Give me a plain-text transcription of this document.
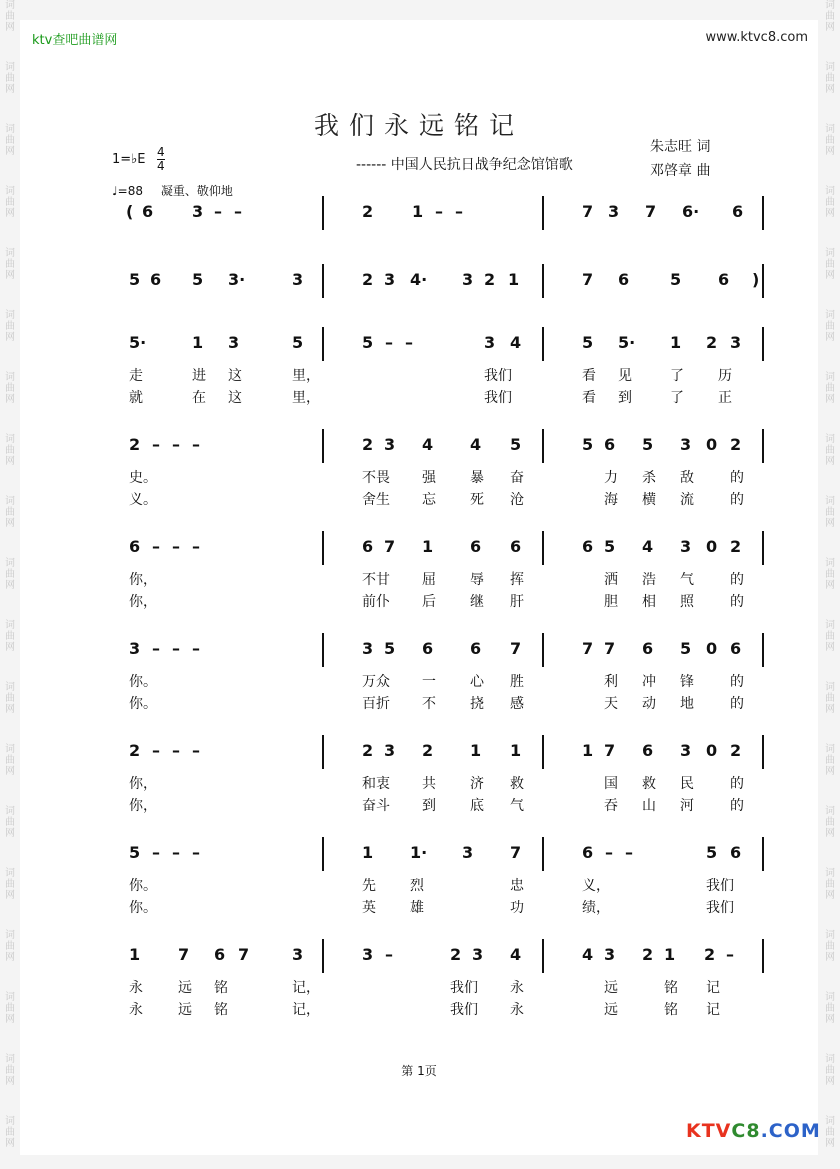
词
曲
网
词
曲
网
词
曲
网
词
曲
网
词
曲
网
词
曲
网
词
曲
网
词
曲
网
词
曲
网
词
曲
网
词
曲
网
词
曲
网
词
曲
网
词
曲
网
词
曲
网
词
曲
网
词
曲
网
词
曲
网
词
曲
网
词
曲
网
词
曲
网
词
曲
网
词
曲
网
词
曲
网
词
曲
网
词
曲
网
词
曲
网
词
曲
网
词
曲
网
词
曲
网
词
曲
网
词
曲
网
词
曲
网
词
曲
网
词
曲
网
词
曲
网
词
曲
网
词
曲
网
ktv查吧曲谱网	www.ktvc8.com
我们永远铭记
------ 中国人民抗日战争纪念馆馆歌
朱志旺 词
邓啓章 曲
1=♭E 4
4
♩=88 凝重、敬仰地
( 6 3 – –	2 1 – –	7 3 7 6· 6
5 6 5 3·	3	2 3 4· 3 2 1	7 6	5 6 )
5·	1 3	5	5 – –	3 4	5 5· 1 2 3
走	进 这	里，	我们	看 见	了 历
就	在 这	里，	我们	看 到	了 正
2 – – –	2 3 4 4 5	5 6 5 3 0 2
史。	不畏 强 暴 奋	力 杀 敌	的
义。	舍生 忘 死 沧	海 横 流	的
6 – – –	6 7 1 6 6	6 5 4 3 0 2
你，	不甘 屈 辱 挥	洒 浩 气	的
你，	前仆 后 继 肝	胆 相 照	的
3 – – –	3 5 6 6 7	7 7 6 5 0 6
你。	万众 一 心 胜	利 冲 锋	的
你。	百折 不 挠 感	天 动 地	的
2 – – –	2 3 2 1 1	1 7 6 3 0 2
你，	和衷 共 济 救	国 救 民	的
你，	奋斗 到 底 气	吞 山 河	的
5 – – –	1 1· 3 7	6 – –	5 6
你。	先 烈	忠	义，	我们
你。	英 雄	功	绩，	我们
1 7 6 7	3	3 –	2 3 4	4 3 2 1 2 –
永	远 铭	记，	我们 永	远	铭 记
永	远 铭	记，	我们 永	远	铭 记
第 1页
KTVC8.COM
